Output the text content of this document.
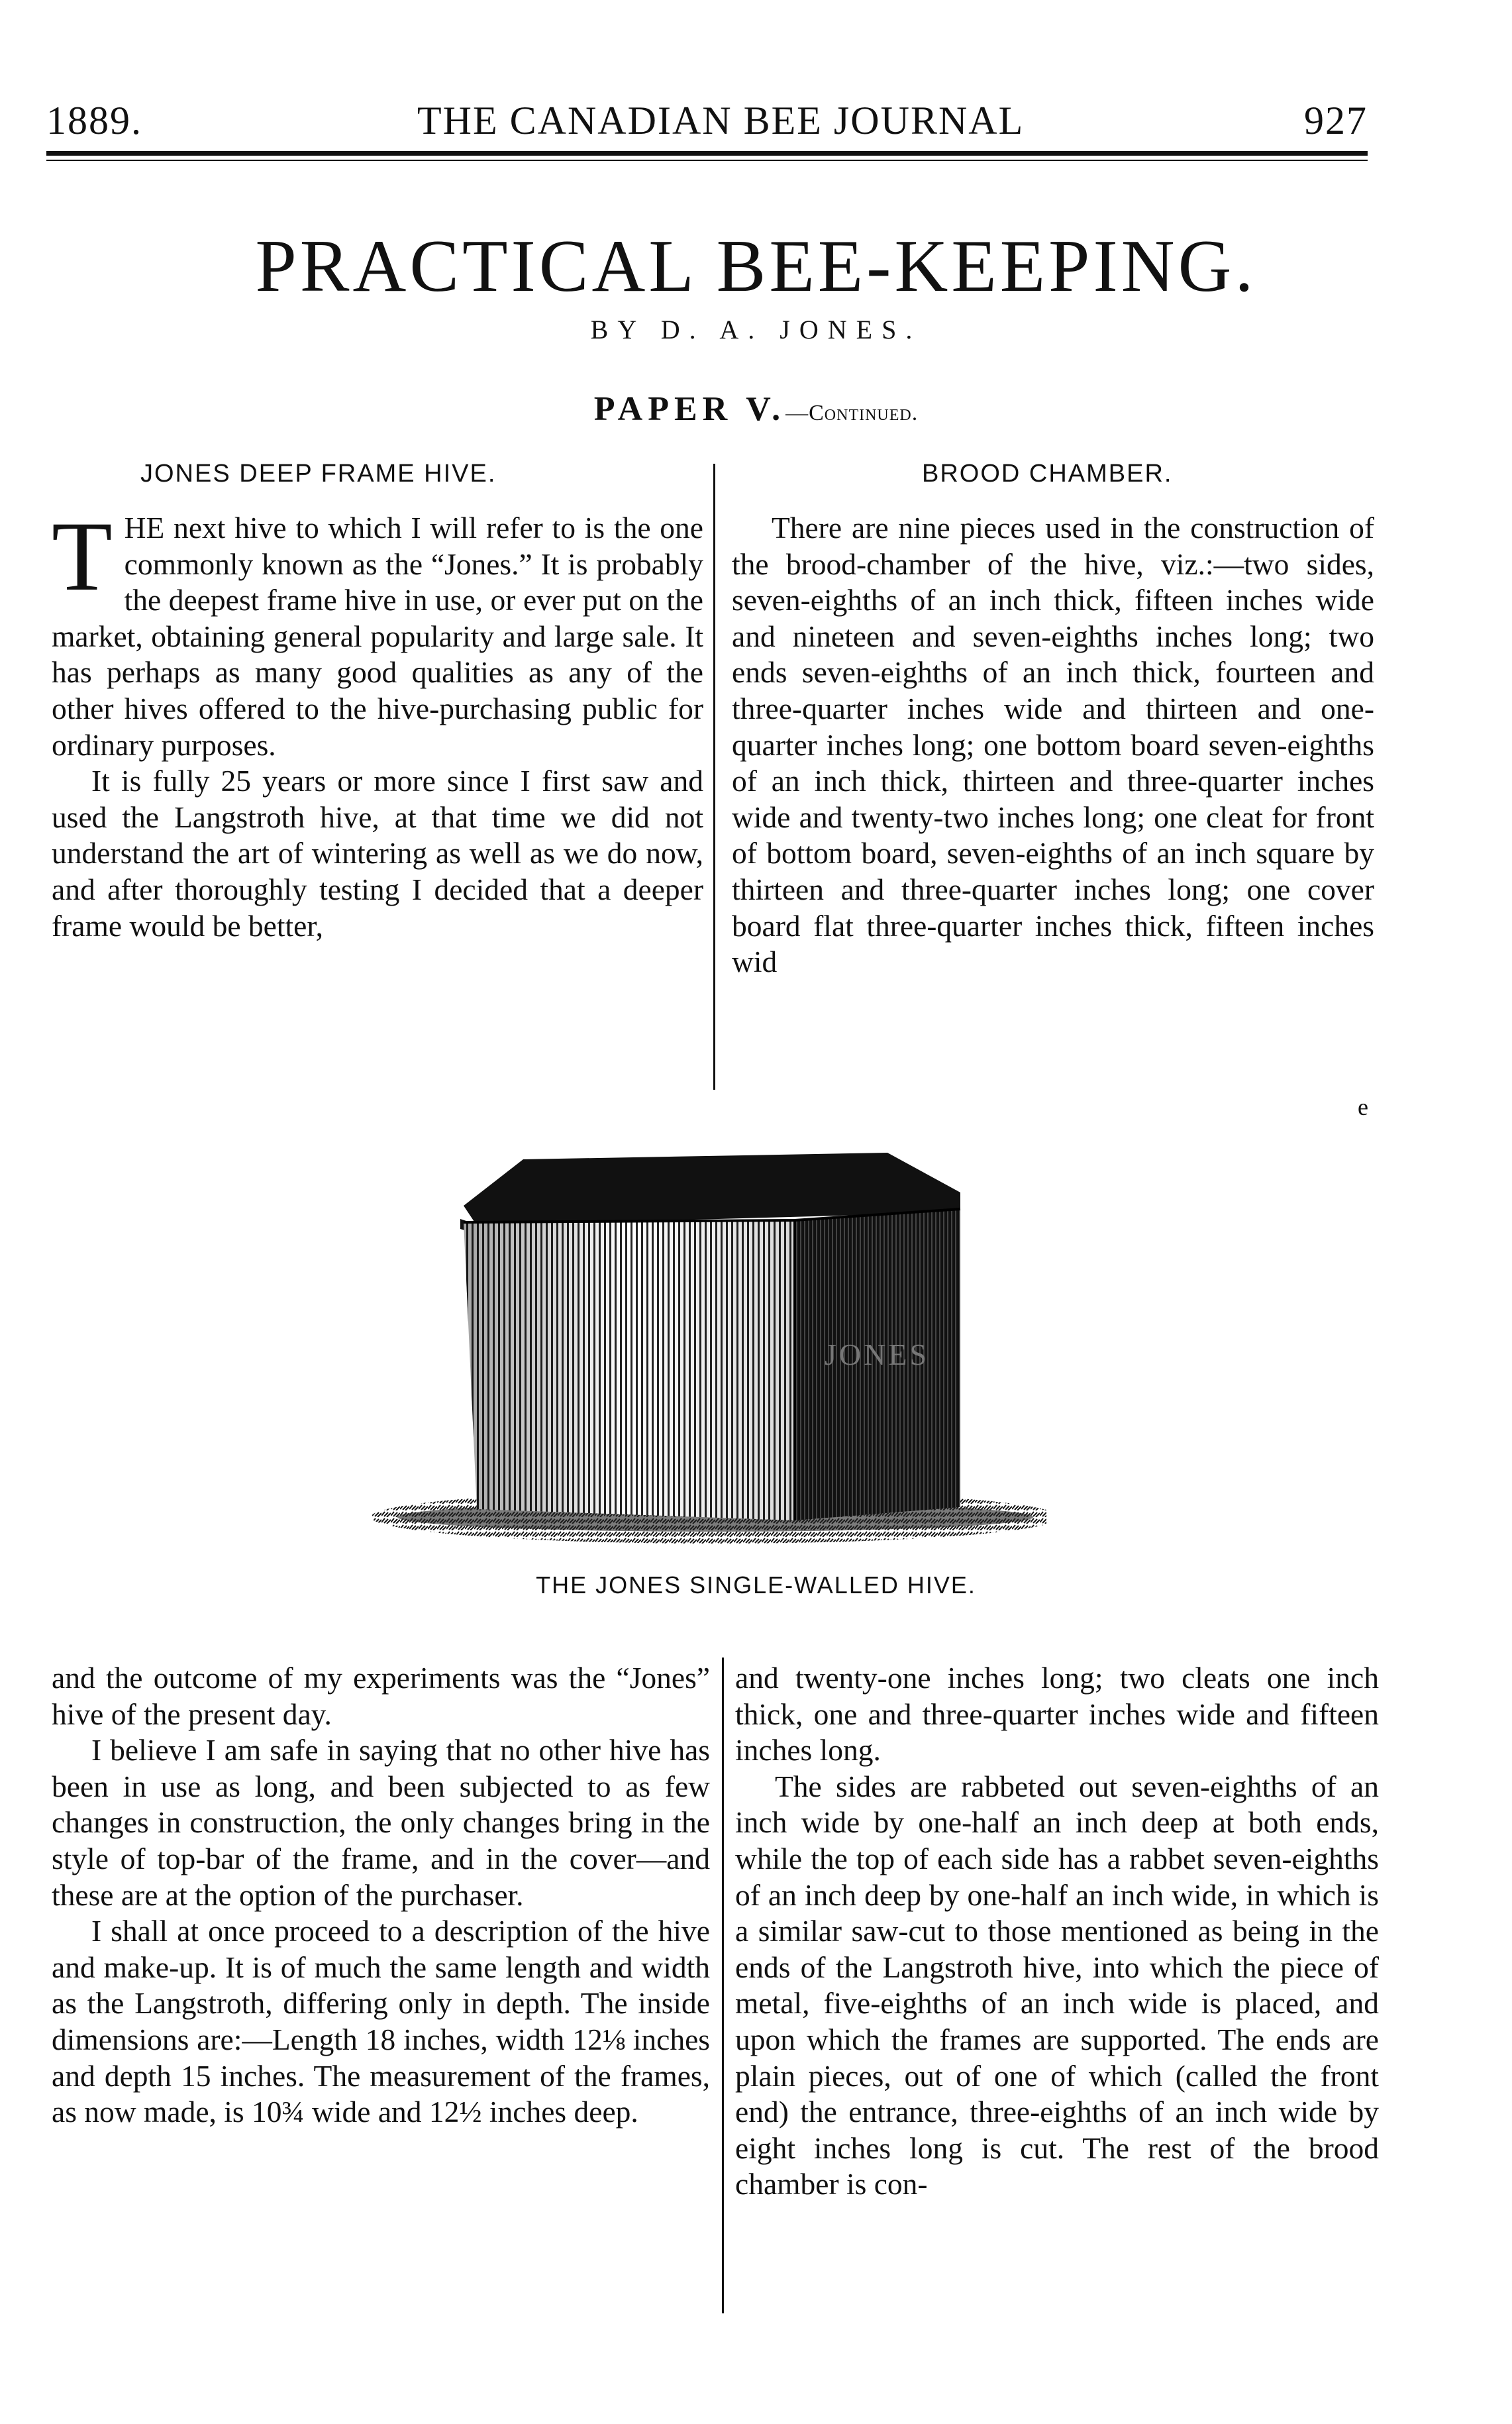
1889.	THE CANADIAN BEE JOURNAL	927
PRACTICAL BEE-KEEPING.
BY D. A. JONES.
PAPER V.—Continued.
JONES DEEP FRAME HIVE.	BROOD CHAMBER.

THE next hive to which I will refer to is the one commonly known as the “Jones.” It is probably the deepest frame hive in use, or ever put on the market, obtaining general popularity and large sale. It has perhaps as many good qualities as any of the other hives offered to the hive-purchasing public for ordinary purposes.

It is fully 25 years or more since I first saw and used the Langstroth hive, at that time we did not understand the art of wintering as well as we do now, and after thoroughly testing I decided that a deeper frame would be better,

There are nine pieces used in the construction of the brood-chamber of the hive, viz.:—two sides, seven-eighths of an inch thick, fifteen inches wide and nineteen and seven-eighths inches long; two ends seven-eighths of an inch thick, fourteen and three-quarter inches wide and thirteen and one-quarter inches long; one bottom board seven-eighths of an inch thick, thirteen and three-quarter inches wide and twenty-two inches long; one cleat for front of bottom board, seven-eighths of an inch square by thirteen and three-quarter inches long; one cover board flat three-quarter inches thick, fifteen inches wid

e
JONES
THE JONES SINGLE-WALLED HIVE.

and the outcome of my experiments was the “Jones” hive of the present day.

I believe I am safe in saying that no other hive has been in use as long, and been subjected to as few changes in construction, the only changes bring in the style of top-bar of the frame, and in the cover—and these are at the option of the purchaser.

I shall at once proceed to a description of the hive and make-up. It is of much the same length and width as the Langstroth, differing only in depth. The inside dimensions are:—Length 18 inches, width 12⅛ inches and depth 15 inches. The measurement of the frames, as now made, is 10¾ wide and 12½ inches deep.

and twenty-one inches long; two cleats one inch thick, one and three-quarter inches wide and fifteen inches long.

The sides are rabbeted out seven-eighths of an inch wide by one-half an inch deep at both ends, while the top of each side has a rabbet seven-eighths of an inch deep by one-half an inch wide, in which is a similar saw-cut to those mentioned as being in the ends of the Langstroth hive, into which the piece of metal, five-eighths of an inch wide is placed, and upon which the frames are supported. The ends are plain pieces, out of one of which (called the front end) the entrance, three-eighths of an inch wide by eight inches long is cut. The rest of the brood chamber is con-
